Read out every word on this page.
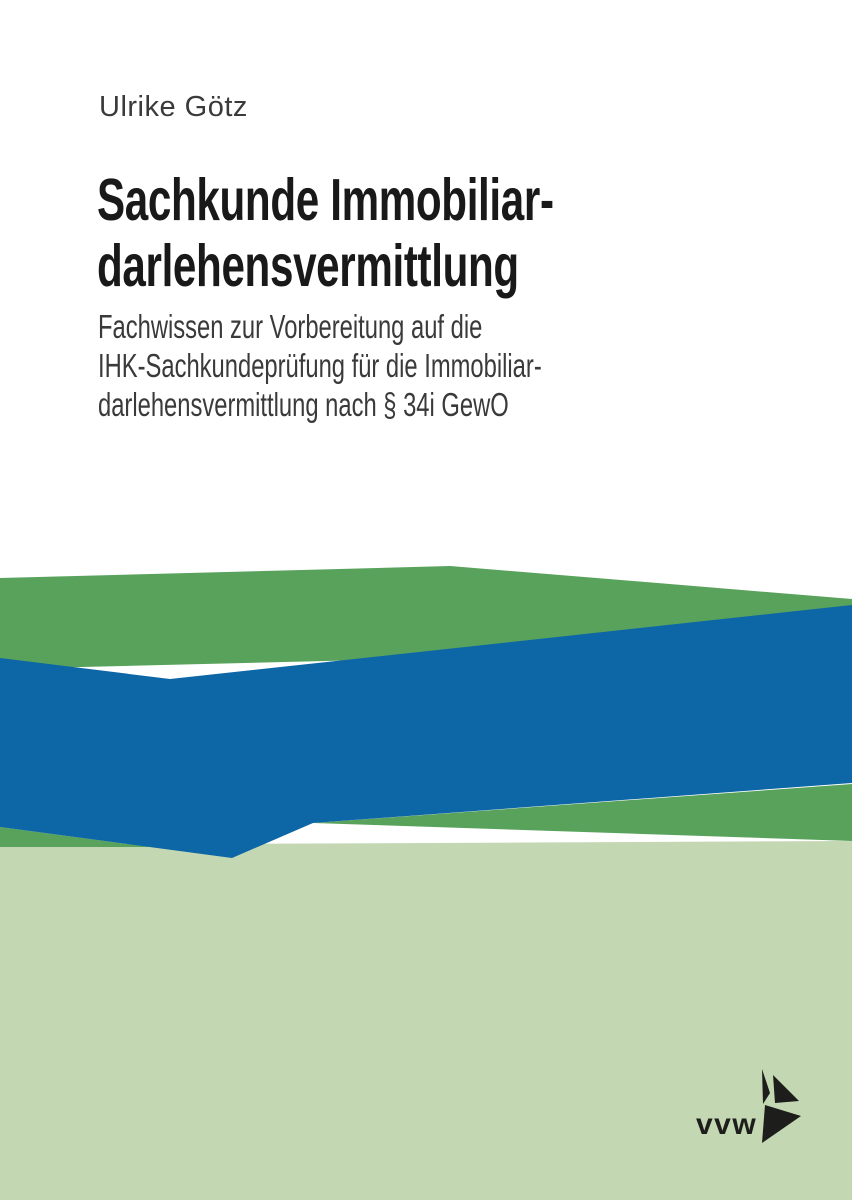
Ulrike Götz
Sachkunde Immobiliar-
darlehensvermittlung
Fachwissen zur Vorbereitung auf die
IHK-Sachkundeprüfung für die Immobiliar-
darlehensvermittlung nach § 34i GewO
vvw
